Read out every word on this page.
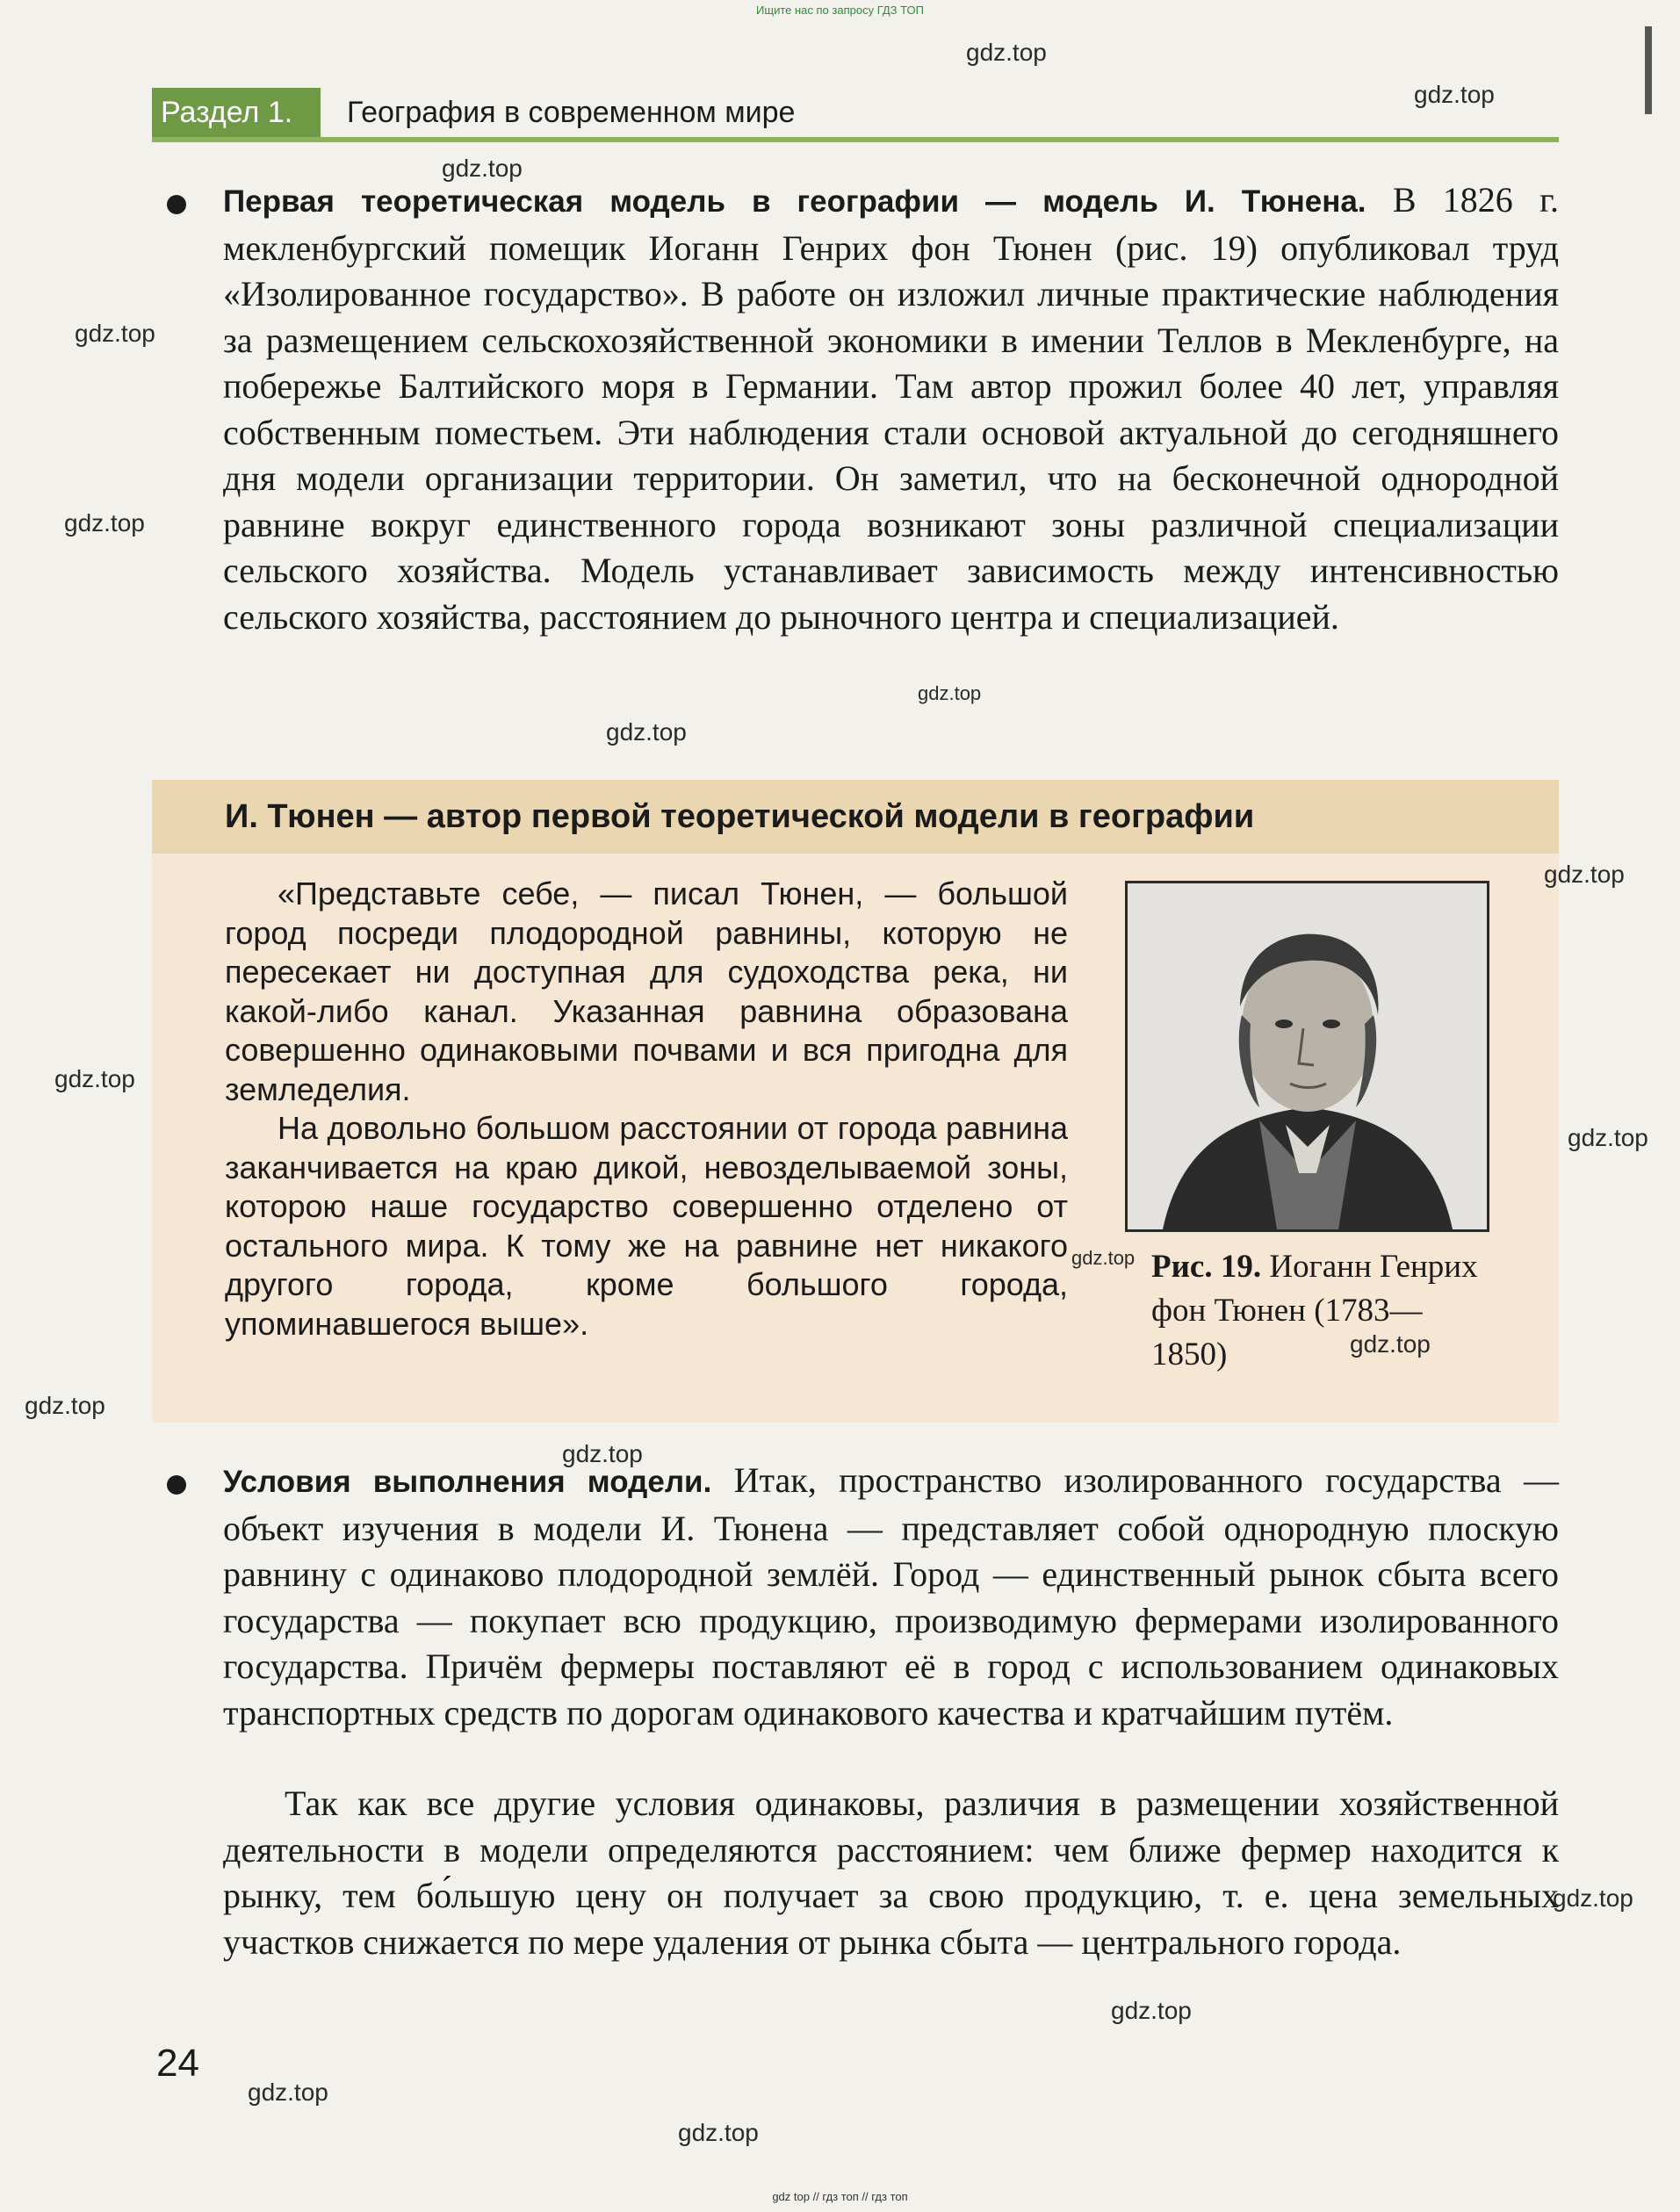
Ищите нас по запросу ГДЗ ТОП
Раздел 1.	География в современном мире
Первая теоретическая модель в географии — модель И. Тюнена. В 1826 г. мекленбургский помещик Иоганн Генрих фон Тюнен (рис. 19) опубликовал труд «Изолированное государство». В работе он изложил личные практические наблюдения за размещением сельскохозяйственной экономики в имении Теллов в Мекленбурге, на побережье Балтийского моря в Германии. Там автор прожил более 40 лет, управляя собственным поместьем. Эти наблюдения стали основой актуальной до сегодняшнего дня модели организации территории. Он заметил, что на бесконечной однородной равнине вокруг единственного города возникают зоны различной специализации сельского хозяйства. Модель устанавливает зависимость между интенсивностью сельского хозяйства, расстоянием до рыночного центра и специализацией.
И. Тюнен — автор первой теоретической модели в географии

«Представьте себе, — писал Тюнен, — большой город посреди плодородной равнины, которую не пересекает ни доступная для судоходства река, ни какой-либо канал. Указанная равнина образована совершенно одинаковыми почвами и вся пригодна для земледелия.

На довольно большом расстоянии от города равнина заканчивается на краю дикой, невозделываемой зоны, которою наше государство совершенно отделено от остального мира. К тому же на равнине нет никакого другого города, кроме большого города, упоминавшегося выше».

Рис. 19. Иоганн Генрих фон Тюнен (1783—1850)
Условия выполнения модели. Итак, пространство изолированного государства — объект изучения в модели И. Тюнена — представляет собой однородную плоскую равнину с одинаково плодородной землёй. Город — единственный рынок сбыта всего государства — покупает всю продукцию, производимую фермерами изолированного государства. Причём фермеры поставляют её в город с использованием одинаковых транспортных средств по дорогам одинакового качества и кратчайшим путём.
Так как все другие условия одинаковы, различия в размещении хозяйственной деятельности в модели определяются расстоянием: чем ближе фермер находится к рынку, тем бо́льшую цену он получает за свою продукцию, т. е. цена земельных участков снижается по мере удаления от рынка сбыта — центрального города.
24
gdz.top
gdz.top
gdz.top
gdz.top
gdz.top
gdz.top
gdz.top
gdz.top
gdz.top
gdz.top
gdz.top
gdz.top
gdz.top
gdz.top
gdz.top
gdz.top
gdz.top
gdz.top
gdz top // гдз топ // гдз топ
